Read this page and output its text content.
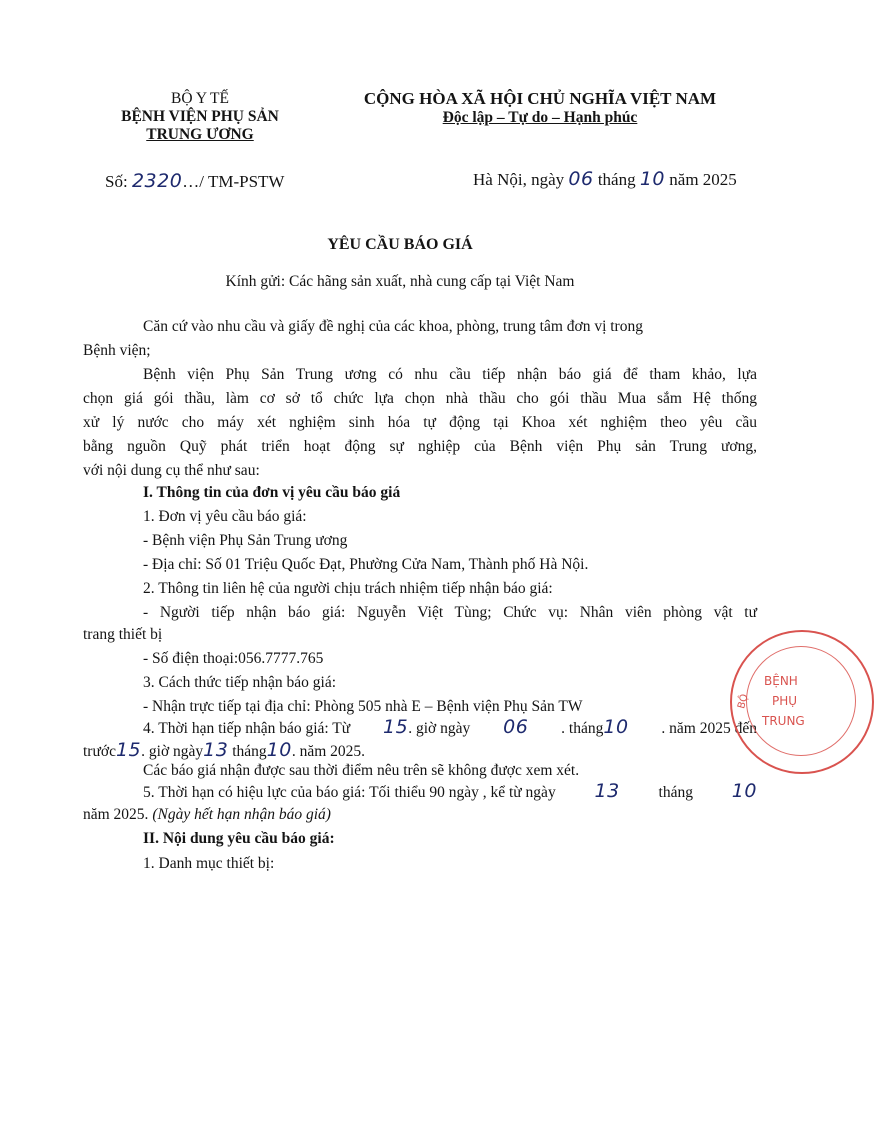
BỘ Y TẾ
BỆNH VIỆN PHỤ SẢN
TRUNG ƯƠNG
CỘNG HÒA XÃ HỘI CHỦ NGHĨA VIỆT NAM
Độc lập – Tự do – Hạnh phúc
Số: 2320…/ TM-PSTW	Hà Nội, ngày 06 tháng 10 năm 2025
YÊU CẦU BÁO GIÁ
Kính gửi: Các hãng sản xuất, nhà cung cấp tại Việt Nam
Căn cứ vào nhu cầu và giấy đề nghị của các khoa, phòng, trung tâm đơn vị trong
Bệnh viện;
Bệnh viện Phụ Sản Trung ương có nhu cầu tiếp nhận báo giá để tham khảo, lựa
chọn giá gói thầu, làm cơ sở tổ chức lựa chọn nhà thầu cho gói thầu Mua sắm Hệ thống
xử lý nước cho máy xét nghiệm sinh hóa tự động tại Khoa xét nghiệm theo yêu cầu
bằng nguồn Quỹ phát triển hoạt động sự nghiệp của Bệnh viện Phụ sản Trung ương,
với nội dung cụ thể như sau:
I. Thông tin của đơn vị yêu cầu báo giá
1. Đơn vị yêu cầu báo giá:
- Bệnh viện Phụ Sản Trung ương
- Địa chỉ: Số 01 Triệu Quốc Đạt, Phường Cửa Nam, Thành phố Hà Nội.
2. Thông tin liên hệ của người chịu trách nhiệm tiếp nhận báo giá:
- Người tiếp nhận báo giá: Nguyễn Việt Tùng; Chức vụ: Nhân viên phòng vật tư
trang thiết bị
- Số điện thoại:056.7777.765
3. Cách thức tiếp nhận báo giá:
- Nhận trực tiếp tại địa chỉ: Phòng 505 nhà E – Bệnh viện Phụ Sản TW
4. Thời hạn tiếp nhận báo giá: Từ 15. giờ ngày 06 . tháng10 . năm 2025 đến
trước15. giờ ngày13 tháng10. năm 2025.
Các báo giá nhận được sau thời điểm nêu trên sẽ không được xem xét.
5. Thời hạn có hiệu lực của báo giá: Tối thiểu 90 ngày , kể từ ngày 13	tháng 10
năm 2025. (Ngày hết hạn nhận báo giá)
II. Nội dung yêu cầu báo giá:
1. Danh mục thiết bị:
BỆNH
PHỤ
TRUNG
BỘ
